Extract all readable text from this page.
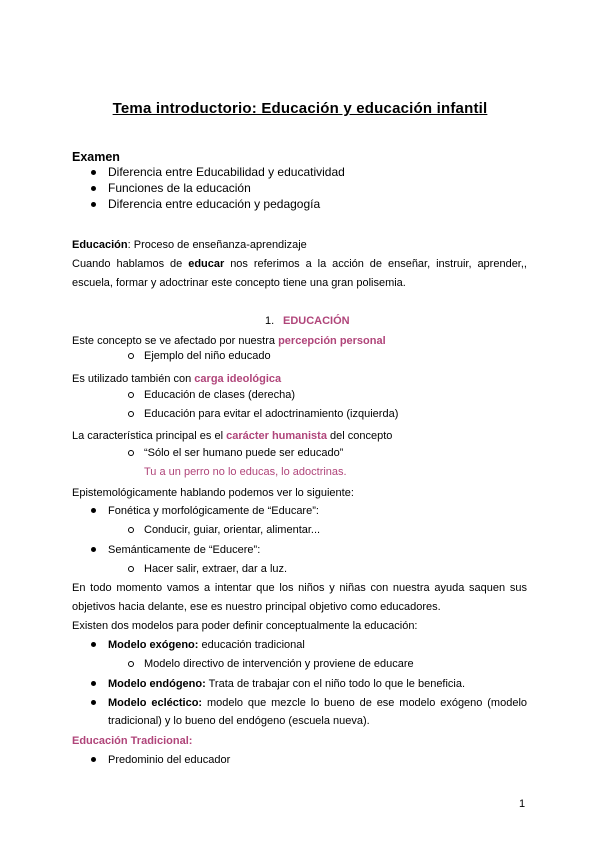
Tema introductorio: Educación y educación infantil
Examen
Diferencia entre Educabilidad y educatividad
Funciones de la educación
Diferencia entre educación y pedagogía
Educación: Proceso de enseñanza-aprendizaje
Cuando hablamos de educar nos referimos a la acción de enseñar, instruir, aprender,,
escuela, formar y adoctrinar este concepto tiene una gran polisemia.
1. EDUCACIÓN
Este concepto se ve afectado por nuestra percepción personal
Ejemplo del niño educado
Es utilizado también con carga ideológica
Educación de clases (derecha)
Educación para evitar el adoctrinamiento (izquierda)
La característica principal es el carácter humanista del concepto
“Sólo el ser humano puede ser educado”
Tu a un perro no lo educas, lo adoctrinas.
Epistemológicamente hablando podemos ver lo siguiente:
Fonética y morfológicamente de “Educare”:
Conducir, guiar, orientar, alimentar...
Semánticamente de “Educere”:
Hacer salir, extraer, dar a luz.
En todo momento vamos a intentar que los niños y niñas con nuestra ayuda saquen sus
objetivos hacia delante, ese es nuestro principal objetivo como educadores.
Existen dos modelos para poder definir conceptualmente la educación:
Modelo exógeno: educación tradicional
Modelo directivo de intervención y proviene de educare
Modelo endógeno: Trata de trabajar con el niño todo lo que le beneficia.
Modelo ecléctico: modelo que mezcle lo bueno de ese modelo exógeno (modelo
tradicional) y lo bueno del endógeno (escuela nueva).
Educación Tradicional:
Predominio del educador
1
